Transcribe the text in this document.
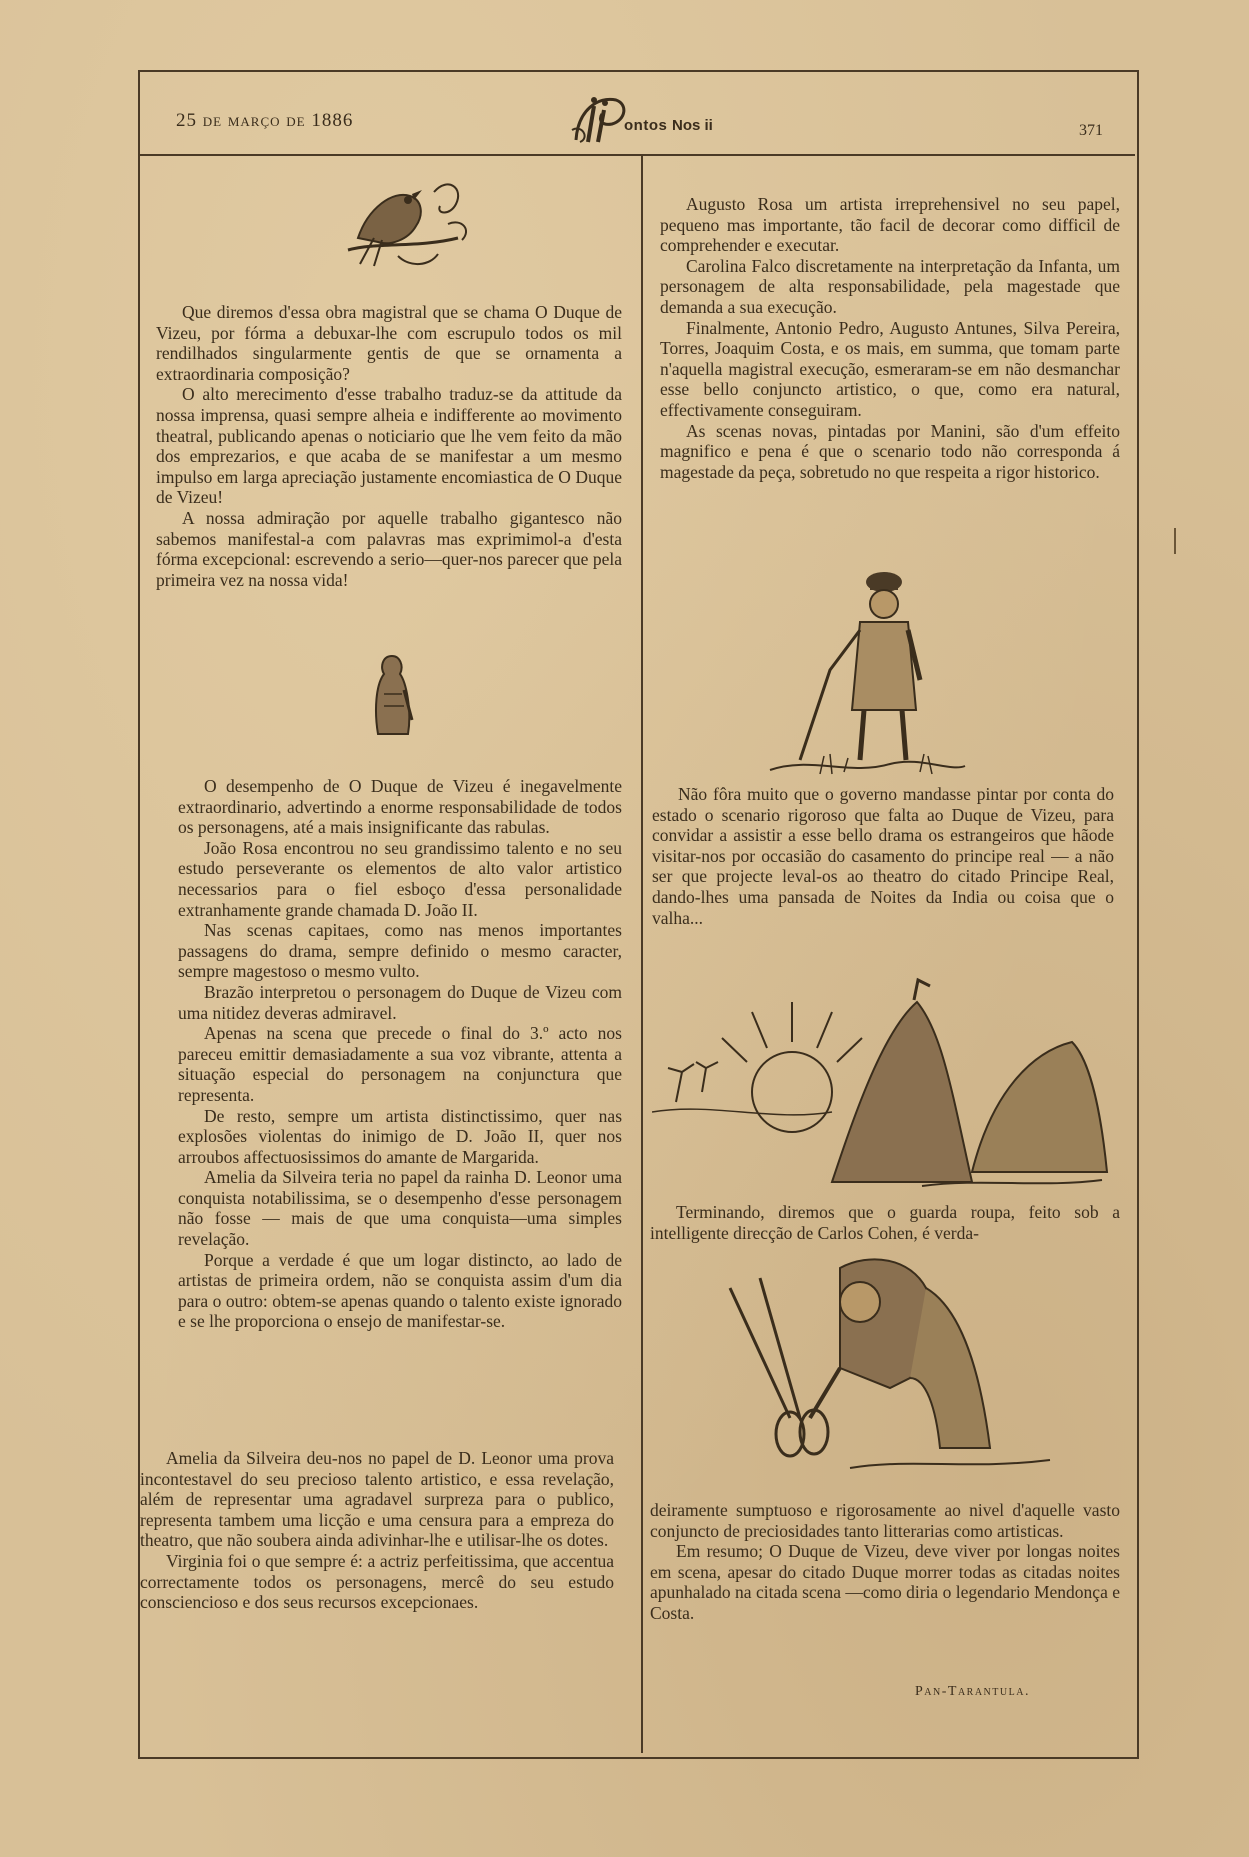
25 de março de 1886	ontos Nos ii	371

Que diremos d'essa obra magistral que se chama O Duque de Vizeu, por fórma a debuxar-lhe com escrupulo todos os mil rendilhados singularmente gentis de que se ornamenta a extraordinaria composição?

O alto merecimento d'esse trabalho traduz-se da attitude da nossa imprensa, quasi sempre alheia e indifferente ao movimento theatral, publicando apenas o noticiario que lhe vem feito da mão dos emprezarios, e que acaba de se manifestar a um mesmo impulso em larga apreciação justamente encomiastica de O Duque de Vizeu!

A nossa admiração por aquelle trabalho gigantesco não sabemos manifestal-a com palavras mas exprimimol-a d'esta fórma excepcional: escrevendo a serio—quer-nos parecer que pela primeira vez na nossa vida!

O desempenho de O Duque de Vizeu é inegavelmente extraordinario, advertindo a enorme responsabilidade de todos os personagens, até a mais insignificante das rabulas.

João Rosa encontrou no seu grandissimo talento e no seu estudo perseverante os elementos de alto valor artistico necessarios para o fiel esboço d'essa personalidade extranhamente grande chamada D. João II.

Nas scenas capitaes, como nas menos importantes passagens do drama, sempre definido o mesmo caracter, sempre magestoso o mesmo vulto.

Brazão interpretou o personagem do Duque de Vizeu com uma nitidez deveras admiravel.

Apenas na scena que precede o final do 3.º acto nos pareceu emittir demasiadamente a sua voz vibrante, attenta a situação especial do personagem na conjunctura que representa.

De resto, sempre um artista distinctissimo, quer nas explosões violentas do inimigo de D. João II, quer nos arroubos affectuosissimos do amante de Margarida.

Amelia da Silveira teria no papel da rainha D. Leonor uma conquista notabilissima, se o desempenho d'esse personagem não fosse — mais de que uma conquista—uma simples revelação.

Porque a verdade é que um logar distincto, ao lado de artistas de primeira ordem, não se conquista assim d'um dia para o outro: obtem-se apenas quando o talento existe ignorado e se lhe proporciona o ensejo de manifestar-se.

Amelia da Silveira deu-nos no papel de D. Leonor uma prova incontestavel do seu precioso talento artistico, e essa revelação, além de representar uma agradavel surpreza para o publico, representa tambem uma licção e uma censura para a empreza do theatro, que não soubera ainda adivinhar-lhe e utilisar-lhe os dotes.

Virginia foi o que sempre é: a actriz perfeitissima, que accentua correctamente todos os personagens, mercê do seu estudo consciencioso e dos seus recursos excepcionaes.

Augusto Rosa um artista irreprehensivel no seu papel, pequeno mas importante, tão facil de decorar como difficil de comprehender e executar.

Carolina Falco discretamente na interpretação da Infanta, um personagem de alta responsabilidade, pela magestade que demanda a sua execução.

Finalmente, Antonio Pedro, Augusto Antunes, Silva Pereira, Torres, Joaquim Costa, e os mais, em summa, que tomam parte n'aquella magistral execução, esmeraram-se em não desmanchar esse bello conjuncto artistico, o que, como era natural, effectivamente conseguiram.

As scenas novas, pintadas por Manini, são d'um effeito magnifico e pena é que o scenario todo não corresponda á magestade da peça, sobretudo no que respeita a rigor historico.

Não fôra muito que o governo mandasse pintar por conta do estado o scenario rigoroso que falta ao Duque de Vizeu, para convidar a assistir a esse bello drama os estrangeiros que hãode visitar-nos por occasião do casamento do principe real — a não ser que projecte leval-os ao theatro do citado Principe Real, dando-lhes uma pansada de Noites da India ou coisa que o valha...

Terminando, diremos que o guarda roupa, feito sob a intelligente direcção de Carlos Cohen, é verda-

deiramente sumptuoso e rigorosamente ao nivel d'aquelle vasto conjuncto de preciosidades tanto litterarias como artisticas.

Em resumo; O Duque de Vizeu, deve viver por longas noites em scena, apesar do citado Duque morrer todas as citadas noites apunhalado na citada scena —como diria o legendario Mendonça e Costa.

Pan-Tarantula.
